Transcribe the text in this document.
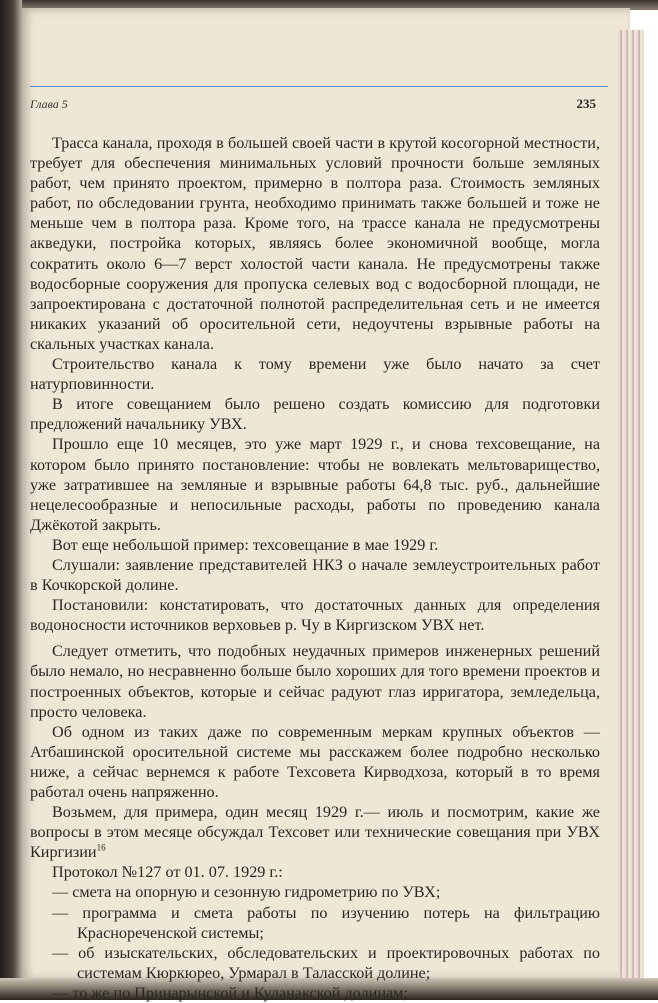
Глава 5	235

Трасса канала, проходя в большей своей части в крутой косогорной местности, требует для обеспечения минимальных условий прочности больше земляных работ, чем принято проектом, примерно в полтора раза. Стоимость земляных работ, по обследовании грунта, необходимо принимать также большей и тоже не меньше чем в полтора раза. Кроме того, на трассе канала не предусмотрены акведуки, постройка которых, являясь более экономичной вообще, могла сократить около 6—7 верст холостой части канала. Не предусмотрены также водосборные сооружения для пропуска селевых вод с водосборной площади, не запроектирована с достаточной полнотой распределительная сеть и не имеется никаких указаний об оросительной сети, недоучтены взрывные работы на скальных участках канала.

Строительство канала к тому времени уже было начато за счет натурповинности.

В итоге совещанием было решено создать комиссию для подготовки предложений начальнику УВХ.

Прошло еще 10 месяцев, это уже март 1929 г., и снова техсовещание, на котором было принято постановление: чтобы не вовлекать мельтоварищество, уже затратившее на земляные и взрывные работы 64,8 тыс. руб., дальнейшие нецелесообразные и непосильные расходы, работы по проведению канала Джёкотой закрыть.

Вот еще небольшой пример: техсовещание в мае 1929 г.

Слушали: заявление представителей НКЗ о начале землеустроительных работ в Кочкорской долине.

Постановили: констатировать, что достаточных данных для определения водоносности источников верховьев р. Чу в Киргизском УВХ нет.

Следует отметить, что подобных неудачных примеров инженерных решений было немало, но несравненно больше было хороших для того времени проектов и построенных объектов, которые и сейчас радуют глаз ирригатора, земледельца, просто человека.

Об одном из таких даже по современным меркам крупных объектов — Атбашинской оросительной системе мы расскажем более подробно несколько ниже, а сейчас вернемся к работе Техсовета Кирводхоза, который в то время работал очень напряженно.

Возьмем, для примера, один месяц 1929 г.— июль и посмотрим, какие же вопросы в этом месяце обсуждал Техсовет или технические совещания при УВХ Киргизии$^{16}$

Протокол №127 от 01. 07. 1929 г.:

— смета на опорную и сезонную гидрометрию по УВХ;

— программа и смета работы по изучению потерь на фильтрацию Краснореченской системы;

— об изыскательских, обследовательских и проектировочных работах по системам Кюркюрео, Урмарал в Таласской долине;

— то же по Принарынской и Куланакской долинам;
